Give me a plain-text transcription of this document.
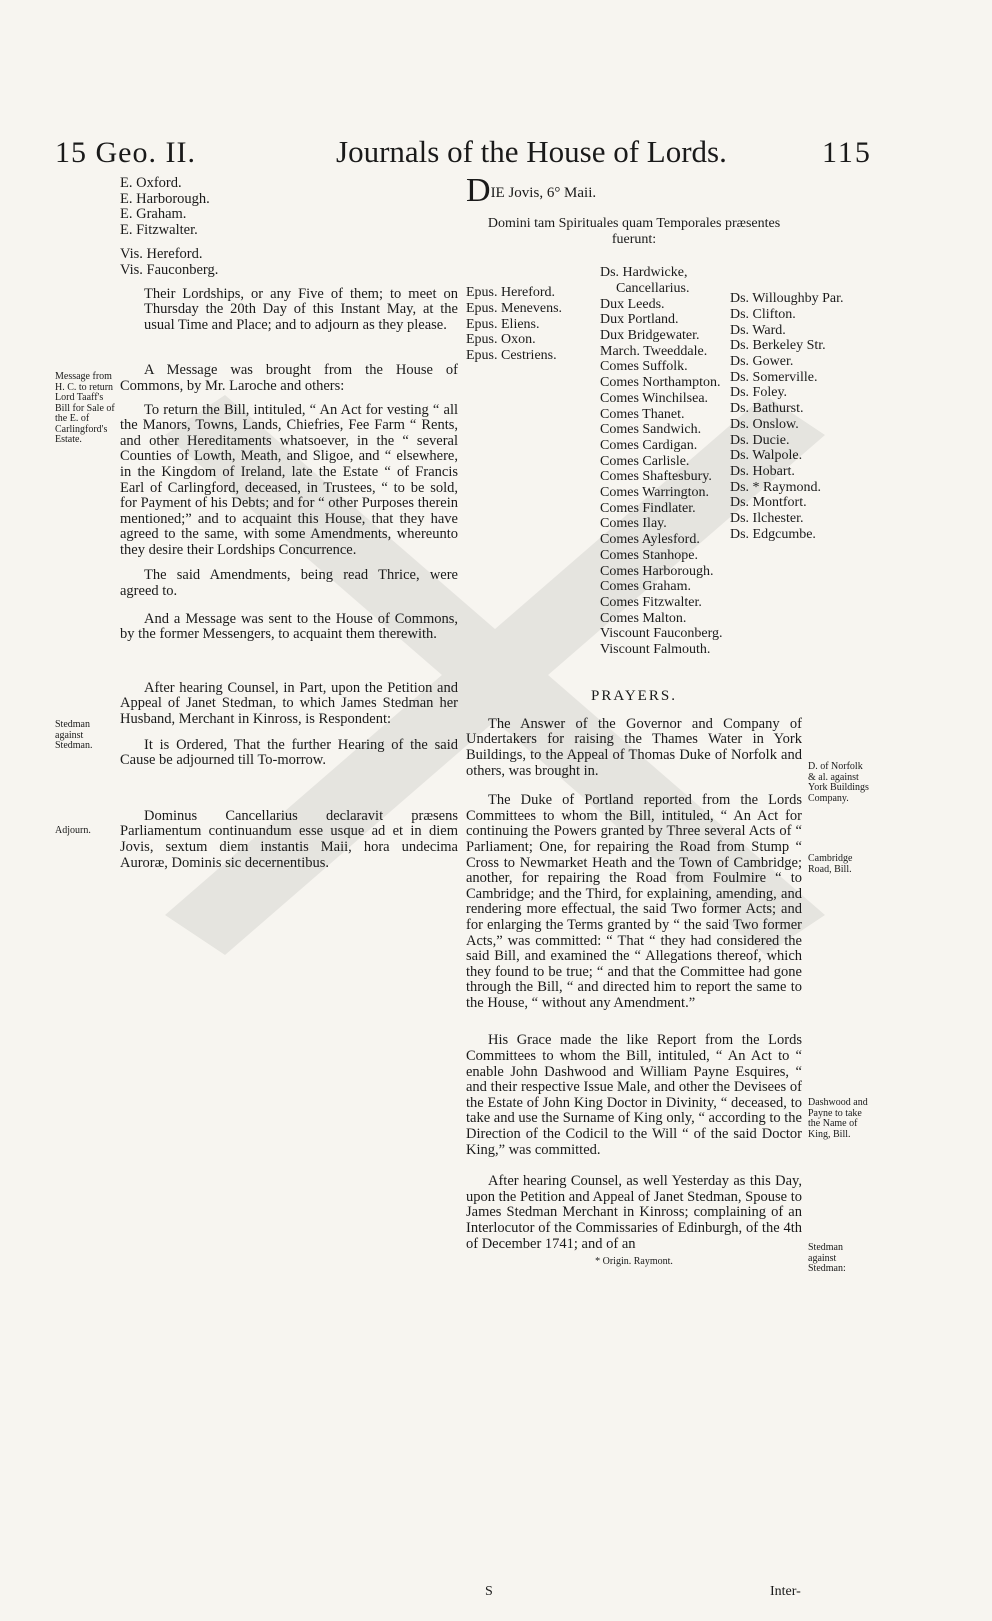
15 Geo. II.	Journals of the House of Lords.	115
Message from H. C. to return Lord Taaff's Bill for Sale of the E. of Carlingford's Estate.
Stedman against Stedman.
Adjourn.
D. of Norfolk & al. against York Buildings Company.
Cambridge Road, Bill.
Dashwood and Payne to take the Name of King, Bill.
Stedman against Stedman:
E. Oxford.
E. Harborough.
E. Graham.
E. Fitzwalter.
Vis. Hereford.
Vis. Fauconberg.

Their Lordships, or any Five of them; to meet on Thursday the 20th Day of this Instant May, at the usual Time and Place; and to adjourn as they please.

A Message was brought from the House of Commons, by Mr. Laroche and others:

To return the Bill, intituled, “ An Act for vesting “ all the Manors, Towns, Lands, Chiefries, Fee Farm “ Rents, and other Hereditaments whatsoever, in the “ several Counties of Lowth, Meath, and Sligoe, and “ elsewhere, in the Kingdom of Ireland, late the Estate “ of Francis Earl of Carlingford, deceased, in Trustees, “ to be sold, for Payment of his Debts; and for “ other Purposes therein mentioned;” and to acquaint this House, that they have agreed to the same, with some Amendments, whereunto they desire their Lordships Concurrence.

The said Amendments, being read Thrice, were agreed to.

And a Message was sent to the House of Commons, by the former Messengers, to acquaint them therewith.

After hearing Counsel, in Part, upon the Petition and Appeal of Janet Stedman, to which James Stedman her Husband, Merchant in Kinross, is Respondent:

It is Ordered, That the further Hearing of the said Cause be adjourned till To-morrow.

Dominus Cancellarius declaravit præsens Parliamentum continuandum esse usque ad et in diem Jovis, sextum diem instantis Maii, hora undecima Auroræ, Dominis sic decernentibus.

DIE Jovis, 6° Maii.
Domini tam Spirituales quam Temporales præsentes fuerunt:
Epus. Hereford.
Epus. Menevens.
Epus. Eliens.
Epus. Oxon.
Epus. Cestriens.
Ds. Hardwicke,
Cancellarius.
Dux Leeds.
Dux Portland.
Dux Bridgewater.
March. Tweeddale.
Comes Suffolk.
Comes Northampton.
Comes Winchilsea.
Comes Thanet.
Comes Sandwich.
Comes Cardigan.
Comes Carlisle.
Comes Shaftesbury.
Comes Warrington.
Comes Findlater.
Comes Ilay.
Comes Aylesford.
Comes Stanhope.
Comes Harborough.
Comes Graham.
Comes Fitzwalter.
Comes Malton.
Viscount Fauconberg.
Viscount Falmouth.
Ds. Willoughby Par.
Ds. Clifton.
Ds. Ward.
Ds. Berkeley Str.
Ds. Gower.
Ds. Somerville.
Ds. Foley.
Ds. Bathurst.
Ds. Onslow.
Ds. Ducie.
Ds. Walpole.
Ds. Hobart.
Ds. * Raymond.
Ds. Montfort.
Ds. Ilchester.
Ds. Edgcumbe.
PRAYERS.

The Answer of the Governor and Company of Undertakers for raising the Thames Water in York Buildings, to the Appeal of Thomas Duke of Norfolk and others, was brought in.

The Duke of Portland reported from the Lords Committees to whom the Bill, intituled, “ An Act for continuing the Powers granted by Three several Acts of “ Parliament; One, for repairing the Road from Stump “ Cross to Newmarket Heath and the Town of Cambridge; another, for repairing the Road from Foulmire “ to Cambridge; and the Third, for explaining, amending, and rendering more effectual, the said Two former Acts; and for enlarging the Terms granted by “ the said Two former Acts,” was committed: “ That “ they had considered the said Bill, and examined the “ Allegations thereof, which they found to be true; “ and that the Committee had gone through the Bill, “ and directed him to report the same to the House, “ without any Amendment.”

His Grace made the like Report from the Lords Committees to whom the Bill, intituled, “ An Act to “ enable John Dashwood and William Payne Esquires, “ and their respective Issue Male, and other the Devisees of the Estate of John King Doctor in Divinity, “ deceased, to take and use the Surname of King only, “ according to the Direction of the Codicil to the Will “ of the said Doctor King,” was committed.

After hearing Counsel, as well Yesterday as this Day, upon the Petition and Appeal of Janet Stedman, Spouse to James Stedman Merchant in Kinross; complaining of an Interlocutor of the Commissaries of Edinburgh, of the 4th of December 1741; and of an

* Origin. Raymont.
S	Inter-
